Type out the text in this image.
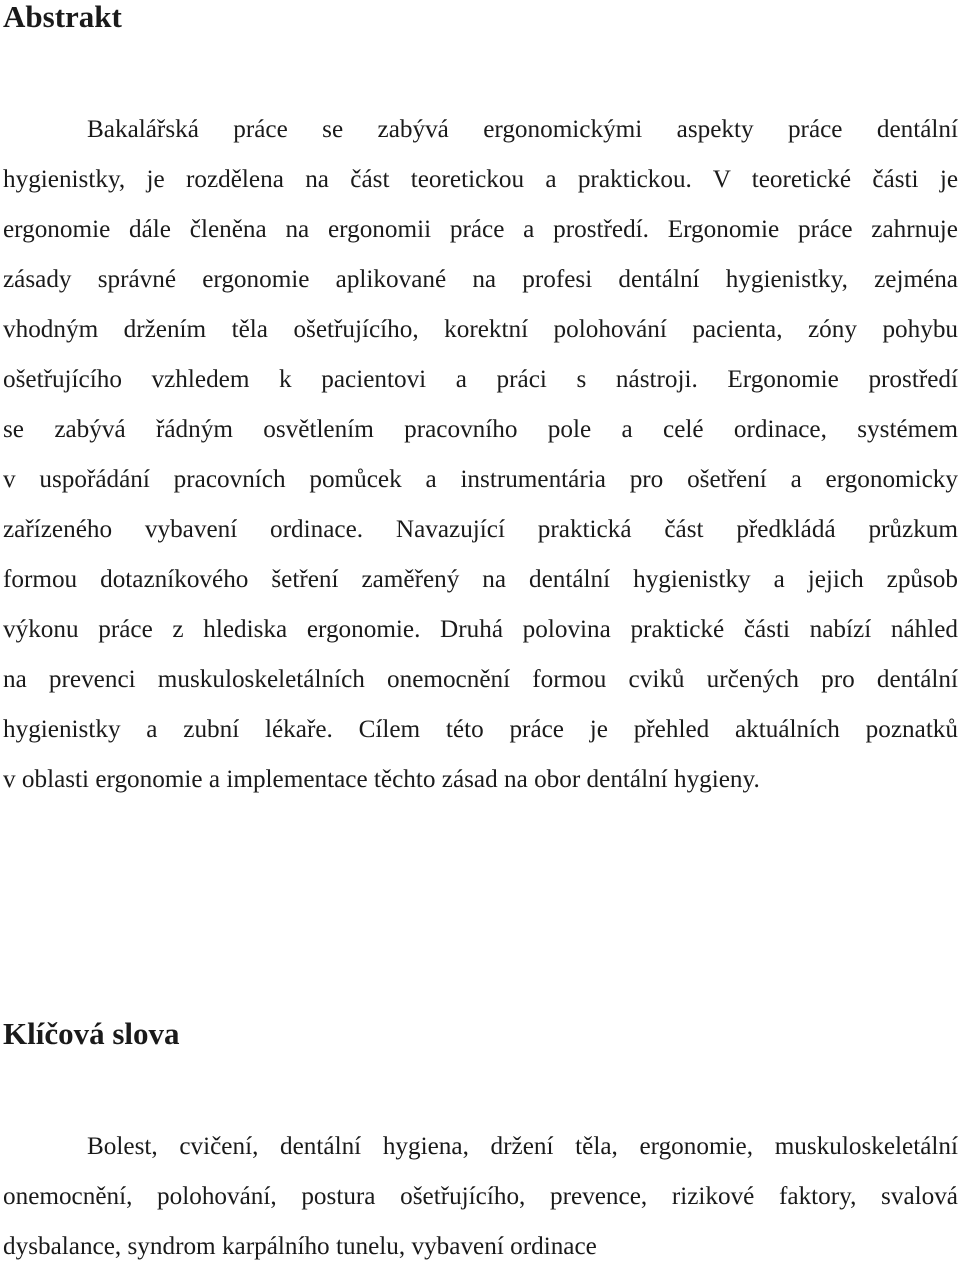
Abstrakt
Bakalářská práce se zabývá ergonomickými aspekty práce dentální
hygienistky, je rozdělena na část teoretickou a praktickou. V teoretické části je
ergonomie dále členěna na ergonomii práce a prostředí. Ergonomie práce zahrnuje
zásady správné ergonomie aplikované na profesi dentální hygienistky, zejména
vhodným držením těla ošetřujícího, korektní polohování pacienta, zóny pohybu
ošetřujícího vzhledem k pacientovi a práci s nástroji. Ergonomie prostředí
se zabývá řádným osvětlením pracovního pole a celé ordinace, systémem
v uspořádání pracovních pomůcek a instrumentária pro ošetření a ergonomicky
zařízeného vybavení ordinace. Navazující praktická část předkládá průzkum
formou dotazníkového šetření zaměřený na dentální hygienistky a jejich způsob
výkonu práce z hlediska ergonomie. Druhá polovina praktické části nabízí náhled
na prevenci muskuloskeletálních onemocnění formou cviků určených pro dentální
hygienistky a zubní lékaře. Cílem této práce je přehled aktuálních poznatků
v oblasti ergonomie a implementace těchto zásad na obor dentální hygieny.
Klíčová slova
Bolest, cvičení, dentální hygiena, držení těla, ergonomie, muskuloskeletální
onemocnění, polohování, postura ošetřujícího, prevence, rizikové faktory, svalová
dysbalance, syndrom karpálního tunelu, vybavení ordinace
